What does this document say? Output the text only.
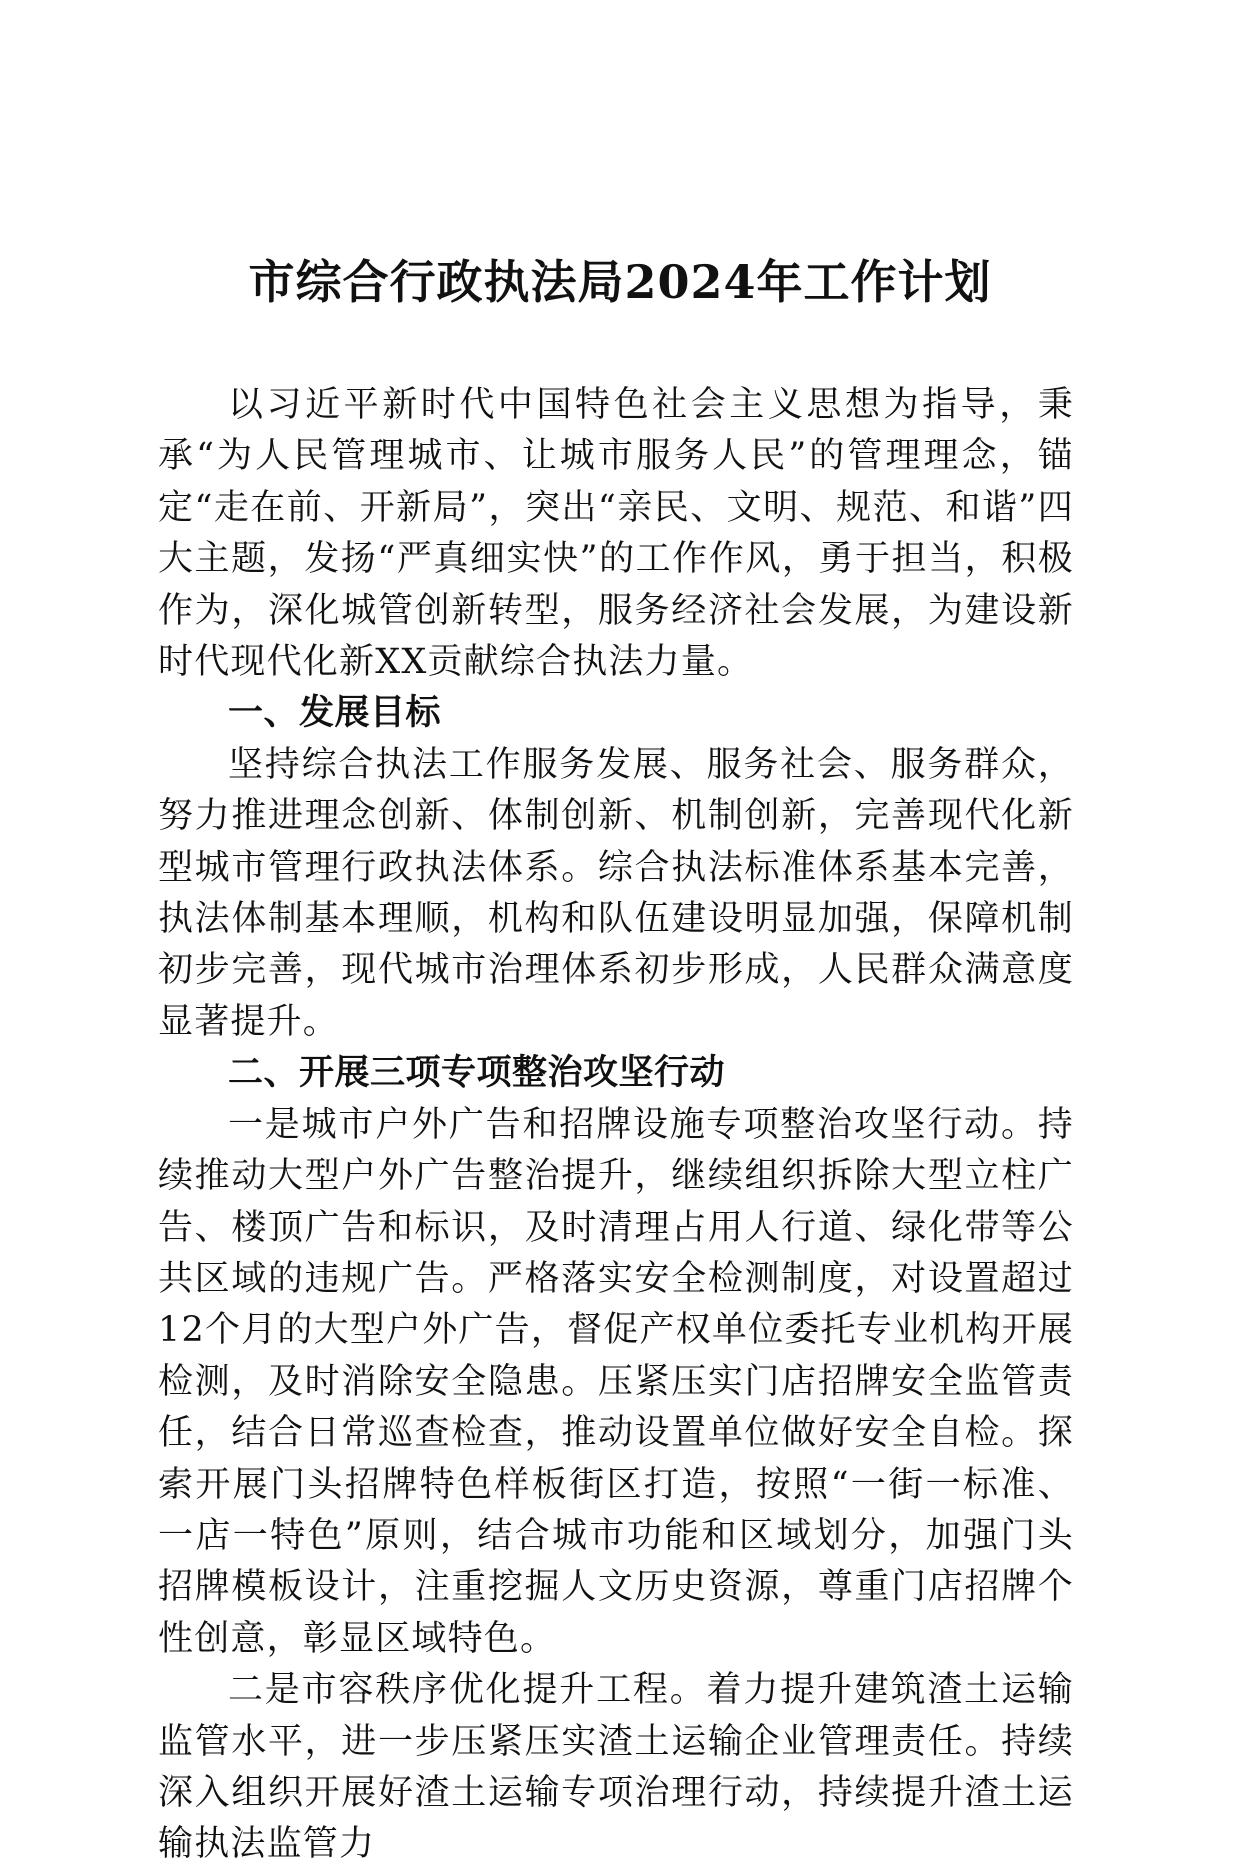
市综合行政执法局2024年工作计划

以习近平新时代中国特色社会主义思想为指导，秉承“为人民管理城市、让城市服务人民”的管理理念，锚定“走在前、开新局”，突出“亲民、文明、规范、和谐”四大主题，发扬“严真细实快”的工作作风，勇于担当，积极作为，深化城管创新转型，服务经济社会发展，为建设新时代现代化新XX贡献综合执法力量。

一、发展目标

坚持综合执法工作服务发展、服务社会、服务群众，努力推进理念创新、体制创新、机制创新，完善现代化新型城市管理行政执法体系。综合执法标准体系基本完善，执法体制基本理顺，机构和队伍建设明显加强，保障机制初步完善，现代城市治理体系初步形成，人民群众满意度显著提升。

二、开展三项专项整治攻坚行动

一是城市户外广告和招牌设施专项整治攻坚行动。持续推动大型户外广告整治提升，继续组织拆除大型立柱广告、楼顶广告和标识，及时清理占用人行道、绿化带等公共区域的违规广告。严格落实安全检测制度，对设置超过12个月的大型户外广告，督促产权单位委托专业机构开展检测，及时消除安全隐患。压紧压实门店招牌安全监管责任，结合日常巡查检查，推动设置单位做好安全自检。探索开展门头招牌特色样板街区打造，按照“一街一标准、一店一特色”原则，结合城市功能和区域划分，加强门头招牌模板设计，注重挖掘人文历史资源，尊重门店招牌个性创意，彰显区域特色。

二是市容秩序优化提升工程。着力提升建筑渣土运输监管水平，进一步压紧压实渣土运输企业管理责任。持续深入组织开展好渣土运输专项治理行动，持续提升渣土运输执法监管力
